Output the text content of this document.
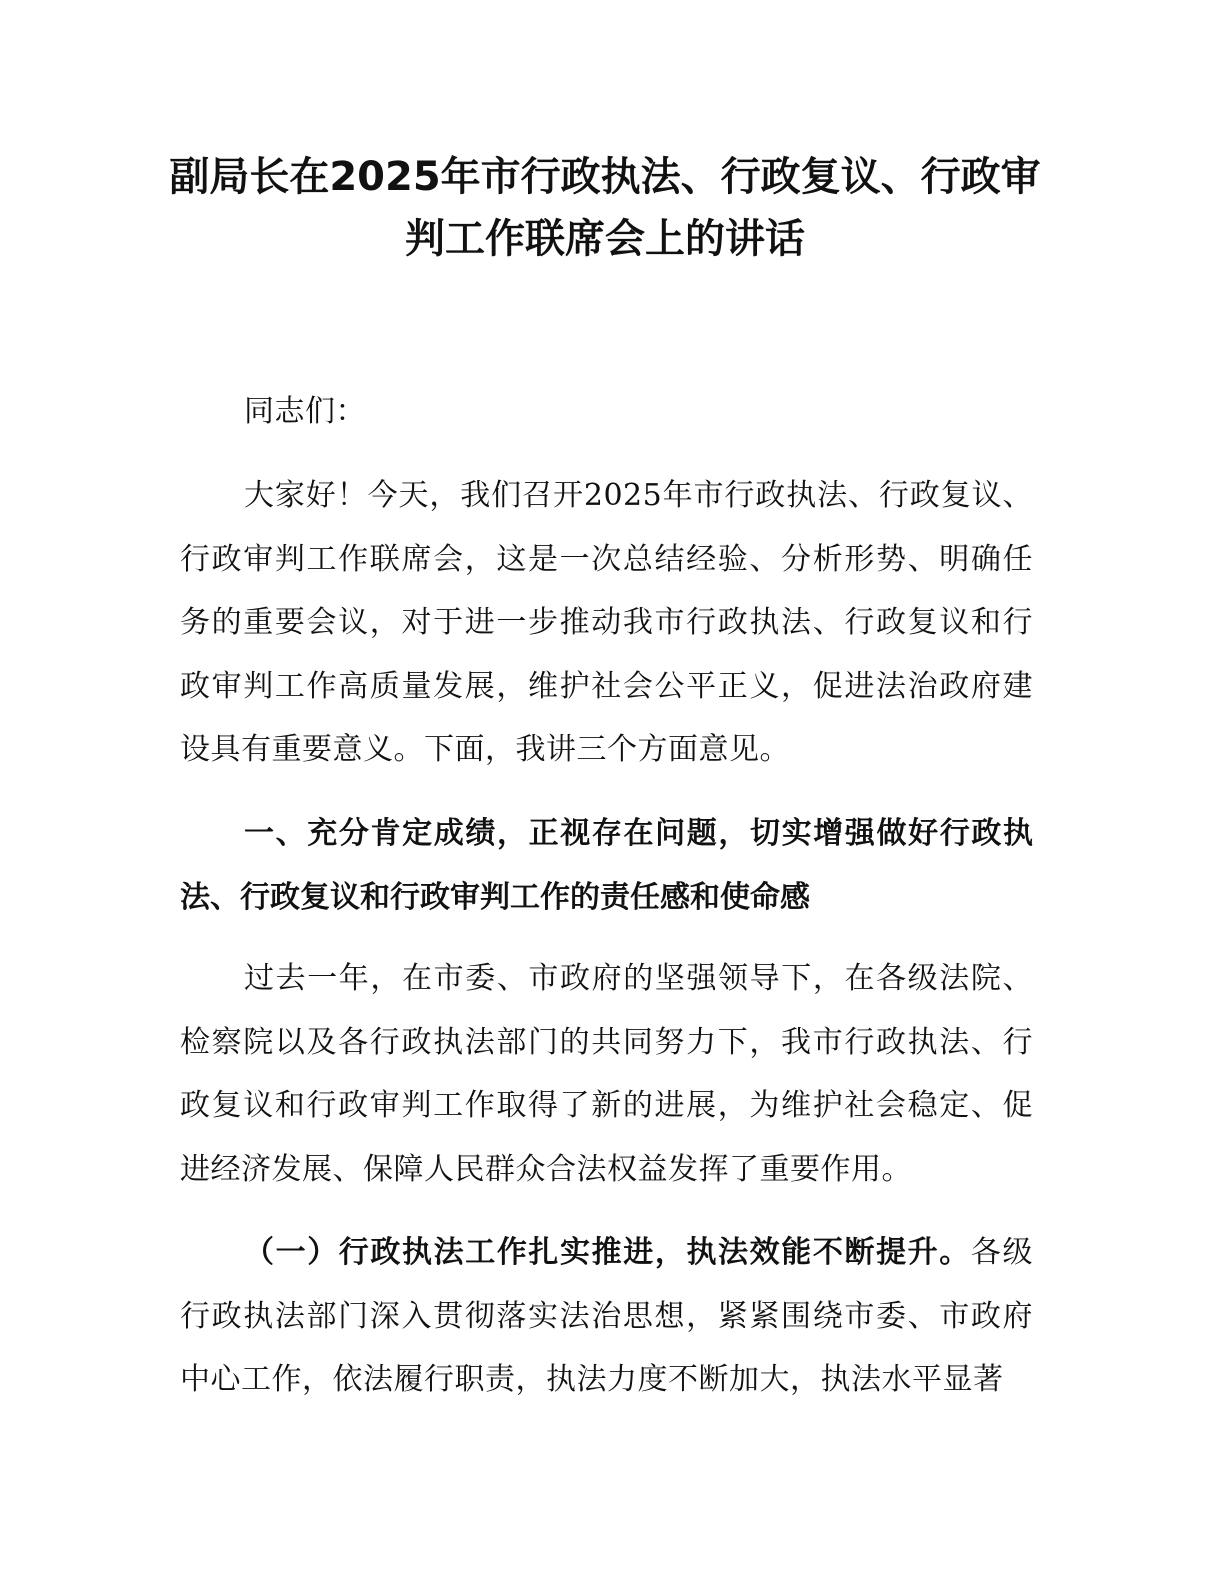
副局长在2025年市行政执法、行政复议、行政审判工作联席会上的讲话

同志们：

大家好！今天，我们召开2025年市行政执法、行政复议、行政审判工作联席会，这是一次总结经验、分析形势、明确任务的重要会议，对于进一步推动我市行政执法、行政复议和行政审判工作高质量发展，维护社会公平正义，促进法治政府建设具有重要意义。下面，我讲三个方面意见。

一、充分肯定成绩，正视存在问题，切实增强做好行政执法、行政复议和行政审判工作的责任感和使命感

过去一年，在市委、市政府的坚强领导下，在各级法院、检察院以及各行政执法部门的共同努力下，我市行政执法、行政复议和行政审判工作取得了新的进展，为维护社会稳定、促进经济发展、保障人民群众合法权益发挥了重要作用。

（一）行政执法工作扎实推进，执法效能不断提升。各级行政执法部门深入贯彻落实法治思想，紧紧围绕市委、市政府中心工作，依法履行职责，执法力度不断加大，执法水平显著
